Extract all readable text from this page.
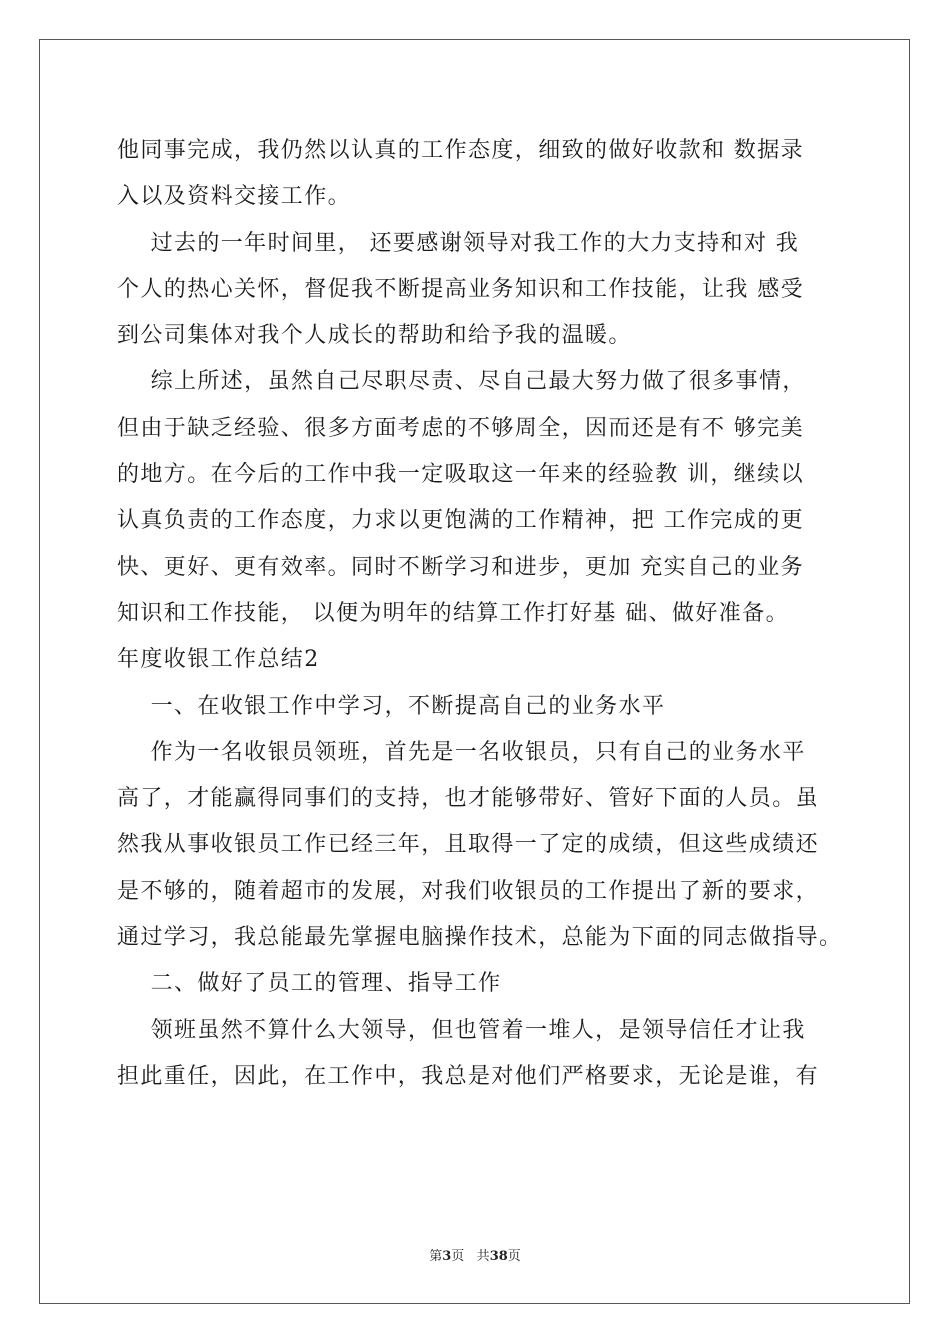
他同事完成，我仍然以认真的工作态度，细致的做好收款和 数据录
入以及资料交接工作。
过去的一年时间里， 还要感谢领导对我工作的大力支持和对 我
个人的热心关怀，督促我不断提高业务知识和工作技能，让我 感受
到公司集体对我个人成长的帮助和给予我的温暖。
综上所述，虽然自己尽职尽责、尽自己最大努力做了很多事情，
但由于缺乏经验、很多方面考虑的不够周全，因而还是有不 够完美
的地方。在今后的工作中我一定吸取这一年来的经验教 训，继续以
认真负责的工作态度，力求以更饱满的工作精神，把 工作完成的更
快、更好、更有效率。同时不断学习和进步，更加 充实自己的业务
知识和工作技能， 以便为明年的结算工作打好基 础、做好准备。
年度收银工作总结2
一、在收银工作中学习，不断提高自己的业务水平
作为一名收银员领班，首先是一名收银员，只有自己的业务水平
高了，才能赢得同事们的支持，也才能够带好、管好下面的人员。虽
然我从事收银员工作已经三年，且取得一了定的成绩，但这些成绩还
是不够的，随着超市的发展，对我们收银员的工作提出了新的要求，
通过学习，我总能最先掌握电脑操作技术，总能为下面的同志做指导。
二、做好了员工的管理、指导工作
领班虽然不算什么大领导，但也管着一堆人，是领导信任才让我
担此重任，因此，在工作中，我总是对他们严格要求，无论是谁，有
第3页 共38页
